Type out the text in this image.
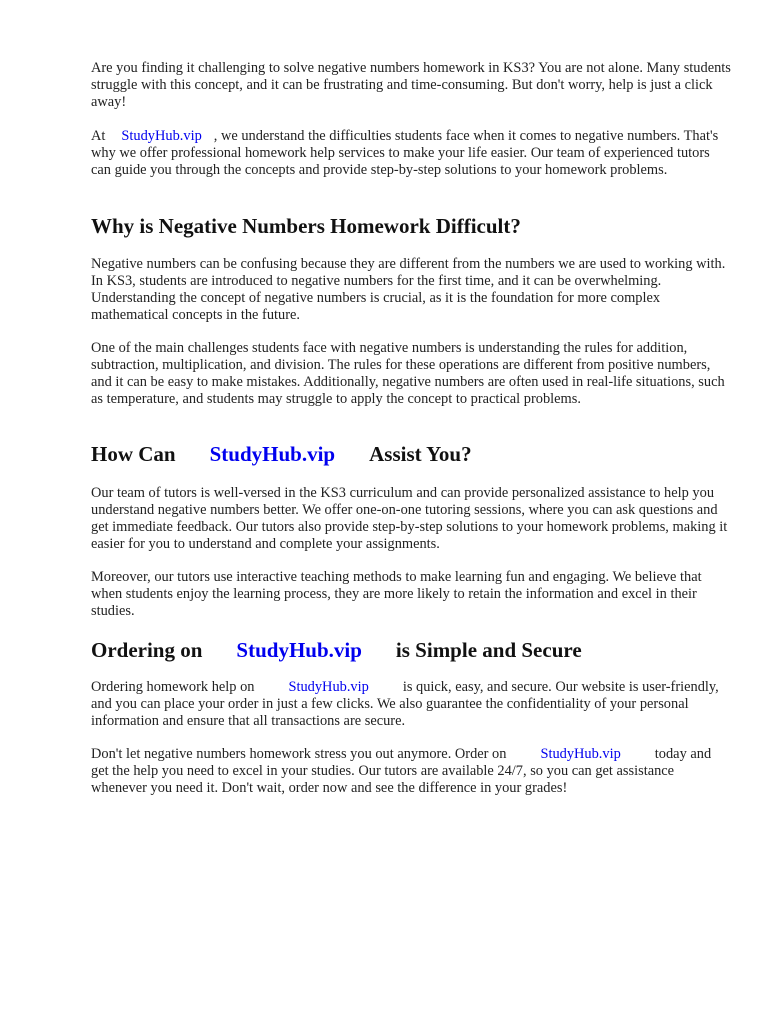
Are you finding it challenging to solve negative numbers homework in KS3? You are not alone. Many students struggle with this concept, and it can be frustrating and time-consuming. But don't worry, help is just a click away!

At StudyHub.vip , we understand the difficulties students face when it comes to negative numbers. That's why we offer professional homework help services to make your life easier. Our team of experienced tutors can guide you through the concepts and provide step-by-step solutions to your homework problems.

Why is Negative Numbers Homework Difficult?

Negative numbers can be confusing because they are different from the numbers we are used to working with. In KS3, students are introduced to negative numbers for the first time, and it can be overwhelming. Understanding the concept of negative numbers is crucial, as it is the foundation for more complex mathematical concepts in the future.

One of the main challenges students face with negative numbers is understanding the rules for addition, subtraction, multiplication, and division. The rules for these operations are different from positive numbers, and it can be easy to make mistakes. Additionally, negative numbers are often used in real-life situations, such as temperature, and students may struggle to apply the concept to practical problems.

How Can StudyHub.vip Assist You?

Our team of tutors is well-versed in the KS3 curriculum and can provide personalized assistance to help you understand negative numbers better. We offer one-on-one tutoring sessions, where you can ask questions and get immediate feedback. Our tutors also provide step-by-step solutions to your homework problems, making it easier for you to understand and complete your assignments.

Moreover, our tutors use interactive teaching methods to make learning fun and engaging. We believe that when students enjoy the learning process, they are more likely to retain the information and excel in their studies.

Ordering on StudyHub.vip is Simple and Secure

Ordering homework help on StudyHub.vip is quick, easy, and secure. Our website is user-friendly, and you can place your order in just a few clicks. We also guarantee the confidentiality of your personal information and ensure that all transactions are secure.

Don't let negative numbers homework stress you out anymore. Order on StudyHub.vip today and get the help you need to excel in your studies. Our tutors are available 24/7, so you can get assistance whenever you need it. Don't wait, order now and see the difference in your grades!
